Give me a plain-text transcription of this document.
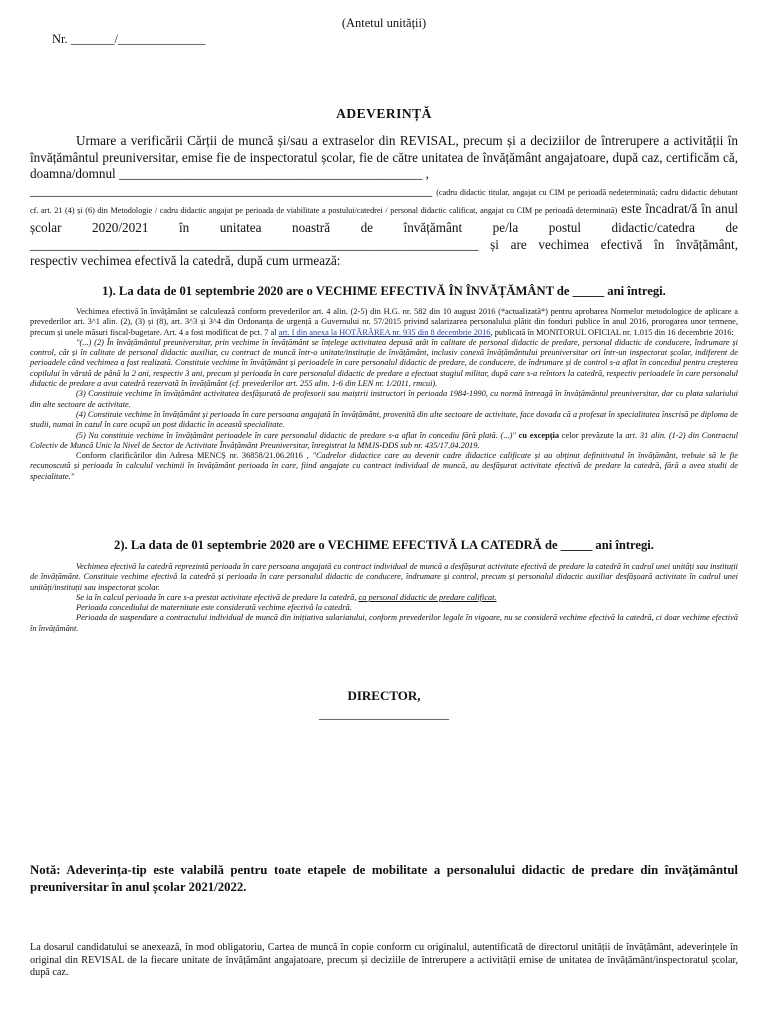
(Antetul unității)
Nr. _______/______________
ADEVERINȚĂ
Urmare a verificării Cărții de muncă și/sau a extraselor din REVISAL, precum și a deciziilor de întrerupere a activității în învățământul preuniversitar, emise fie de inspectoratul școlar, fie de către unitatea de învățământ angajatoare, după caz, certificăm că, doamna/domnul ______________________________________________ ,
_____________________________________________________________ (cadru didactic titular, angajat cu CIM pe perioadă nedeterminată; cadru didactic debutant cf. art. 21 (4) și (6) din Metodologie / cadru didactic angajat pe perioada de viabilitate a postului/catedrei / personal didactic calificat, angajat cu CIM pe perioadă determinată) este încadrat/ă în anul școlar 2020/2021 în unitatea noastră de învățământ pe/la postul didactic/catedra de ____________________________________________________________________ și are vechimea efectivă în învățământ, respectiv vechimea efectivă la catedră, după cum urmează:
1). La data de 01 septembrie 2020 are o VECHIME EFECTIVĂ ÎN ÎNVĂȚĂMÂNT de _____ ani întregi.

Vechimea efectivă în învățământ se calculează conform prevederilor art. 4 alin. (2-5) din H.G. nr. 582 din 10 august 2016 (*actualizată*) pentru aprobarea Normelor metodologice de aplicare a prevederilor art. 3^1 alin. (2), (3) și (8), art. 3^3 și 3^4 din Ordonanța de urgență a Guvernului nr. 57/2015 privind salarizarea personalului plătit din fonduri publice în anul 2016, prorogarea unor termene, precum și unele măsuri fiscal-bugetare. Art. 4 a fost modificat de pct. 7 al art. I din anexa la HOTĂRÂREA nr. 935 din 8 decembrie 2016, publicată în MONITORUL OFICIAL nr. 1.015 din 16 decembrie 2016:

"(...) (2) În învățământul preuniversitar, prin vechime în învățământ se înțelege activitatea depusă atât în calitate de personal didactic de predare, personal didactic de conducere, îndrumare și control, cât și în calitate de personal didactic auxiliar, cu contract de muncă într-o unitate/instituție de învățământ, inclusiv conexă învățământului preuniversitar ori într-un inspectorat școlar, indiferent de perioadele când vechimea a fost realizată. Constituie vechime în învățământ și perioadele în care personalul didactic de predare, de conducere, de îndrumare și de control s-a aflat în concediul pentru creșterea copilului în vârstă de până la 2 ani, respectiv 3 ani, precum și perioada în care personalul didactic de predare a efectuat stagiul militar, după care s-a reîntors la catedră, respectiv perioadele în care personalul didactic de predare a avut catedră rezervată în învățământ (cf. prevederilor art. 255 alin. 1-6 din LEN nr. 1/2011, rmcui).

(3) Constituie vechime în învățământ activitatea desfășurată de profesorii sau maiștrii instructori în perioada 1984-1990, cu normă întreagă în învățământul preuniversitar, dar cu plata salariului din alte sectoare de activitate.

(4) Constituie vechime în învățământ și perioada în care persoana angajată în învățământ, provenită din alte sectoare de activitate, face dovada că a profesat în specialitatea înscrisă pe diploma de studii, numai în cazul în care ocupă un post didactic în această specialitate.

(5) Nu constituie vechime în învățământ perioadele în care personalul didactic de predare s-a aflat în concediu fără plată. (...)" cu excepția celor prevăzute la art. 31 alin. (1-2) din Contractul Colectiv de Muncă Unic la Nivel de Sector de Activitate Învățământ Preuniversitar, înregistrat la MMJS-DDS sub nr. 435/17.04.2019.

Conform clarificărilor din Adresa MENCȘ nr. 36858/21.06.2016 , "Cadrelor didactice care au devenit cadre didactice calificate și au obținut definitivatul în învățământ, trebuie să le fie recunoscută și perioada în calculul vechimii în învățământ perioada în care, fiind angajate cu contract individual de muncă, au desfășurat activitate efectivă de predare la catedră, fără a avea studii de specialitate."

2). La data de 01 septembrie 2020 are o VECHIME EFECTIVĂ LA CATEDRĂ de _____ ani întregi.

Vechimea efectivă la catedră reprezintă perioada în care persoana angajată cu contract individual de muncă a desfășurat activitate efectivă de predare la catedră în cadrul unei unități sau instituții de învățământ. Constituie vechime efectivă la catedră și perioada în care personalul didactic de conducere, îndrumare și control, precum și personalul didactic auxiliar desfășoară activitate în cadrul unei unități/instituții sau inspectorat școlar.

Se ia în calcul perioada în care s-a prestat activitate efectivă de predare la catedră, ca personal didactic de predare calificat.

Perioada concediului de maternitate este considerată vechime efectivă la catedră.

Perioada de suspendare a contractului individual de muncă din inițiativa salariatului, conform prevederilor legale în vigoare, nu se consideră vechime efectivă la catedră, ci doar vechime efectivă în învățământ.

DIRECTOR,
____________________
Notă: Adeverința-tip este valabilă pentru toate etapele de mobilitate a personalului didactic de predare din învățământul preuniversitar în anul școlar 2021/2022.
La dosarul candidatului se anexează, în mod obligatoriu, Cartea de muncă în copie conform cu originalul, autentificată de directorul unității de învățământ, adeverințele în original din REVISAL de la fiecare unitate de învățământ angajatoare, precum și deciziile de întrerupere a activității emise de unitatea de învățământ/inspectoratul școlar, după caz.
